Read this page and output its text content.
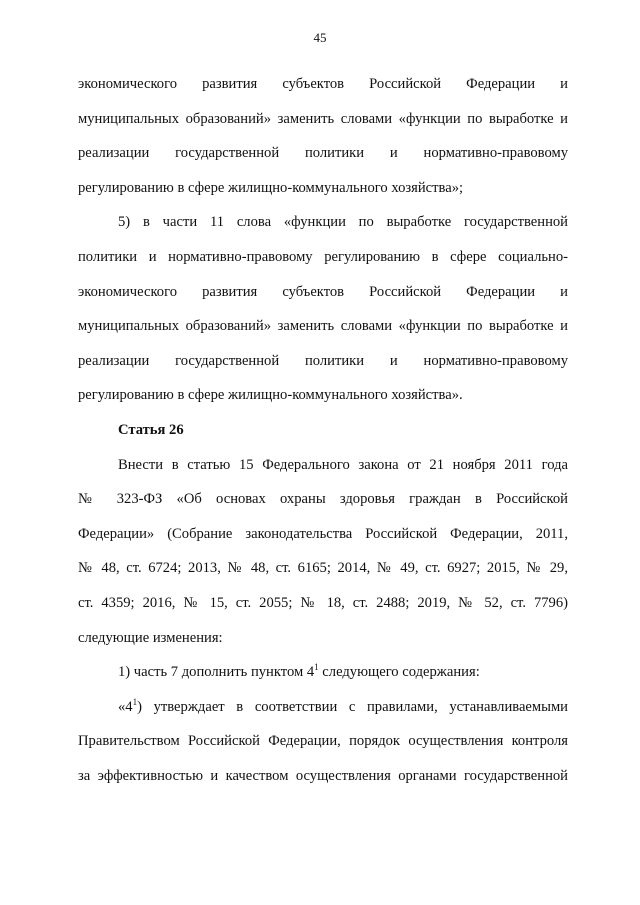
45
экономического развития субъектов Российской Федерации и
муниципальных образований» заменить словами «функции по выработке и
реализации государственной политики и нормативно-правовому
регулированию в сфере жилищно-коммунального хозяйства»;
5) в части 11 слова «функции по выработке государственной
политики и нормативно-правовому регулированию в сфере социально-
экономического развития субъектов Российской Федерации и
муниципальных образований» заменить словами «функции по выработке и
реализации государственной политики и нормативно-правовому
регулированию в сфере жилищно-коммунального хозяйства».
Статья 26
Внести в статью 15 Федерального закона от 21 ноября 2011 года
№ 323-ФЗ «Об основах охраны здоровья граждан в Российской
Федерации» (Собрание законодательства Российской Федерации, 2011,
№ 48, ст. 6724; 2013, № 48, ст. 6165; 2014, № 49, ст. 6927; 2015, № 29,
ст. 4359; 2016, № 15, ст. 2055; № 18, ст. 2488; 2019, № 52, ст. 7796)
следующие изменения:
1) часть 7 дополнить пунктом $4^1$ следующего содержания:
«$4^1$) утверждает в соответствии с правилами, устанавливаемыми
Правительством Российской Федерации, порядок осуществления контроля
за эффективностью и качеством осуществления органами государственной
